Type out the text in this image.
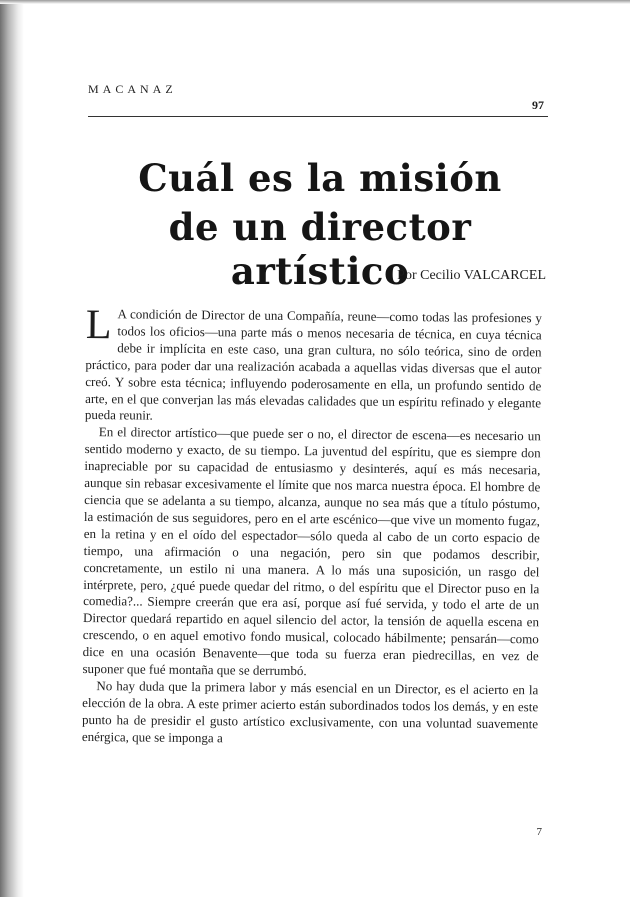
MACANAZ
97
Cuál es la misión
de un director artístico
Por Cecilio VALCARCEL

L A condición de Director de una Compañía, reune—como todas las profesiones y todos los oficios—una parte más o menos necesaria de técnica, en cuya técnica debe ir implícita en este caso, una gran cultura, no sólo teórica, sino de orden práctico, para poder dar una realización acabada a aquellas vidas diversas que el autor creó. Y sobre esta técnica; influyendo poderosamente en ella, un profundo sentido de arte, en el que converjan las más elevadas calidades que un espíritu refinado y elegante pueda reunir.

En el director artístico—que puede ser o no, el director de escena—es necesario un sentido moderno y exacto, de su tiempo. La juventud del espíritu, que es siempre don inapreciable por su capacidad de entusiasmo y desinterés, aquí es más necesaria, aunque sin rebasar excesivamente el límite que nos marca nuestra época. El hombre de ciencia que se adelanta a su tiempo, alcanza, aunque no sea más que a título póstumo, la estimación de sus seguidores, pero en el arte escénico—que vive un momento fugaz, en la retina y en el oído del espectador—sólo queda al cabo de un corto espacio de tiempo, una afirmación o una negación, pero sin que podamos describir, concretamente, un estilo ni una manera. A lo más una suposición, un rasgo del intérprete, pero, ¿qué puede quedar del ritmo, o del espíritu que el Director puso en la comedia?... Siempre creerán que era así, porque así fué servida, y todo el arte de un Director quedará repartido en aquel silencio del actor, la tensión de aquella escena en crescendo, o en aquel emotivo fondo musical, colocado hábilmente; pensarán—como dice en una ocasión Benavente—que toda su fuerza eran piedrecillas, en vez de suponer que fué montaña que se derrumbó.

No hay duda que la primera labor y más esencial en un Director, es el acierto en la elección de la obra. A este primer acierto están subordinados todos los demás, y en este punto ha de presidir el gusto artístico exclusivamente, con una voluntad suavemente enérgica, que se imponga a

7
